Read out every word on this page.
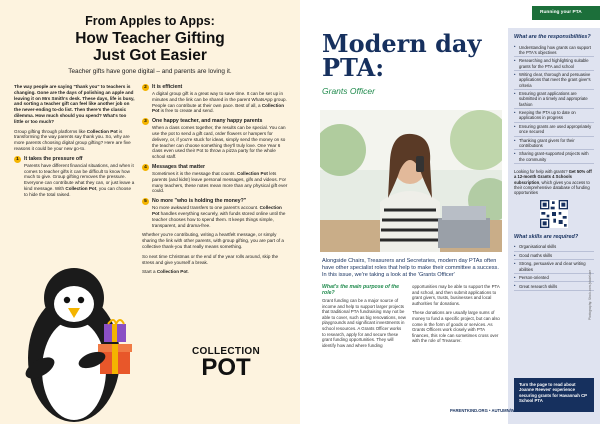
From Apples to Apps:
How Teacher Gifting
Just Got Easier
Teacher gifts have gone digital – and parents are loving it.

The way people are saying "thank you" to teachers is changing. Gone are the days of polishing an apple and leaving it on Mrs Smith's desk. These days, life is busy, and sorting a teacher gift can feel like another job on the never-ending to-do list. Then there's the classic dilemma. How much should you spend? What's too little or too much?

Group gifting through platforms like Collection Pot is transforming the way parents say thank you. So, why are more parents choosing digital group gifting? Here are five reasons it could be your new go-to.

1 It takes the pressure off
Parents have different financial situations, and when it comes to teacher gifts it can be difficult to know how much to give. Group gifting removes the pressure. Everyone can contribute what they can, or just leave a kind message. With Collection Pot, you can choose to hide the total raised.
2 It is efficient
A digital group gift is a great way to save time. It can be set up in minutes and the link can be shared in the parent WhatsApp group. People can contribute at their own pace. Best of all, a Collection Pot is free to create and send.
3 One happy teacher, and many happy parents
When a class comes together, the results can be special. You can use the pot to send a gift card, order flowers or hampers for delivery, or, if you're stuck for ideas, simply send the money on so the teacher can choose something they'll truly love. One Year 6 class even used their Pot to throw a pizza party for the whole school staff.
4 Messages that matter
Sometimes it is the message that counts. Collection Pot lets parents (and kids!) leave personal messages, gifs and videos. For many teachers, these notes mean more than any physical gift ever could.
5 No more "who is holding the money?"
No more awkward transfers to one parent's account. Collection Pot handles everything securely, with funds stored online until the teacher chooses how to spend them. It keeps things simple, transparent, and drama-free.

Whether you're contributing, writing a heartfelt message, or simply sharing the link with other parents, with group gifting, you are part of a collective thank-you that really means something.

So next time Christmas or the end of the year rolls around, skip the stress and give yourself a break.

Start a Collection Pot.

COLLECTION
POT
Running your PTA
Modern day PTA:
Grants Officer
Alongside Chairs, Treasurers and Secretaries, modern day PTAs often have other specialist roles that help to make their committee a success. In this issue, we're taking a look at the 'Grants Officer'
What's the main purpose of the role?

Grant funding can be a major source of income and help to support larger projects that traditional PTA fundraising may not be able to cover, such as big renovations, new playgrounds and significant investments in school resources. A Grants Officer works to research, apply for and secure these grant funding opportunities. They will identify how and where funding

opportunities may be able to support the PTA and school, and then submit applications to grant givers, trusts, businesses and local authorities for donations.

These donations are usually large sums of money to fund a specific project, but can also come in the form of goods or services. As Grants Officers work closely with PTA finances, this role can sometimes cross over with the role of Treasurer.

What are the responsibilities?
• Understanding how grants can support the PTA's objectives
• Researching and highlighting suitable grants for the PTA and school
• Writing clear, thorough and persuasive applications that meet the grant giver's criteria
• Ensuring grant applications are submitted in a timely and appropriate fashion
• Keeping the PTA up to date on applications in progress
• Ensuring grants are used appropriately once secured
• Thanking grant givers for their contributions
• Sharing grant-supported projects with the community
Looking for help with grants? Get 50% off a 12-month Grants 4 Schools subscription, which gives you access to their comprehensive database of funding opportunities
What skills are required?
• Organisational skills
• Good maths skills
• Strong, persuasive and clear writing abilities
• Person-oriented
• Great research skills
Turn the page to read about Joanne Reeves' experience securing grants for Havannah CP School PTA
Photography: Stock.com /pixdeluxe
PARENTKIND.ORG • AUTUMN/WINTER 2025 13
